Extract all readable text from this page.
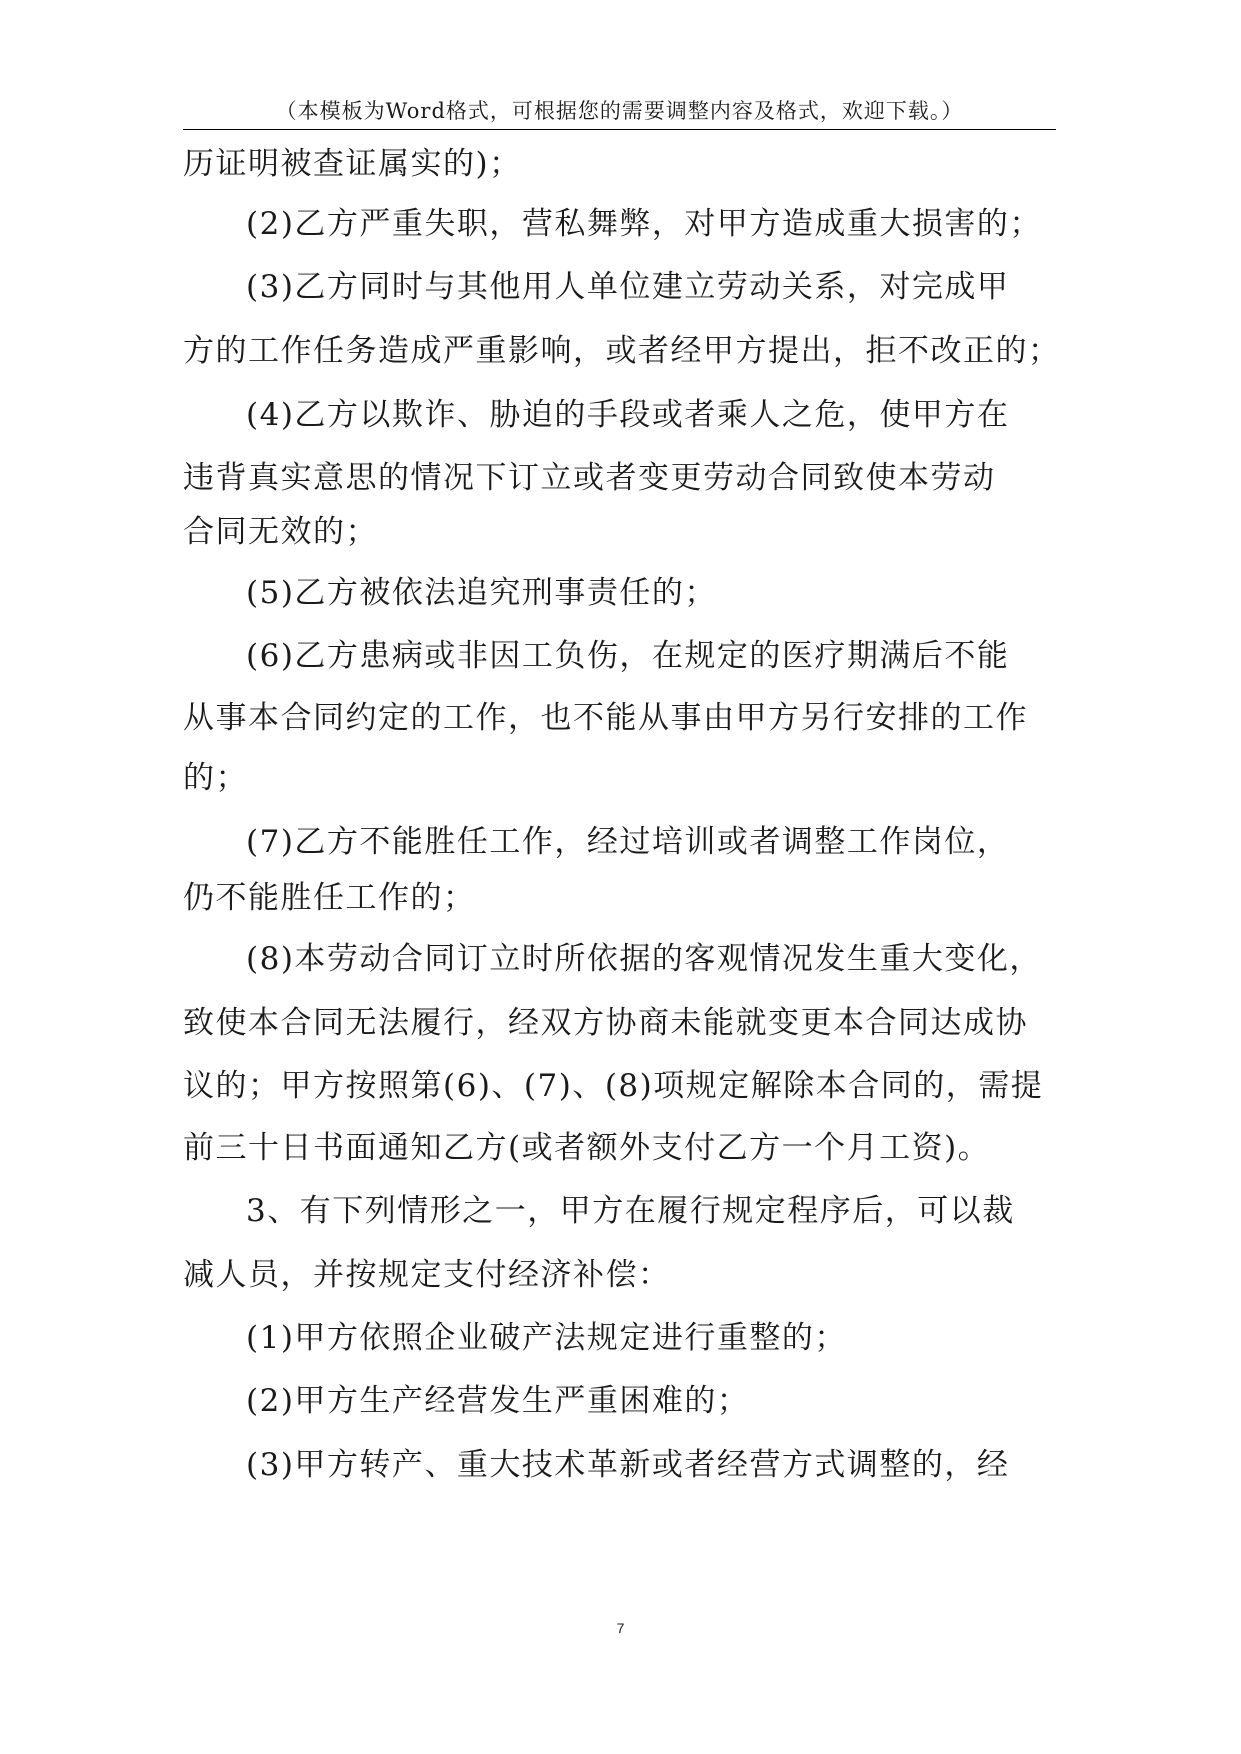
（本模板为Word格式，可根据您的需要调整内容及格式，欢迎下载。）
历证明被查证属实的)；
(2)乙方严重失职，营私舞弊，对甲方造成重大损害的；
(3)乙方同时与其他用人单位建立劳动关系，对完成甲
方的工作任务造成严重影响，或者经甲方提出，拒不改正的；
(4)乙方以欺诈、胁迫的手段或者乘人之危，使甲方在
违背真实意思的情况下订立或者变更劳动合同致使本劳动
合同无效的；
(5)乙方被依法追究刑事责任的；
(6)乙方患病或非因工负伤，在规定的医疗期满后不能
从事本合同约定的工作，也不能从事由甲方另行安排的工作
的；
(7)乙方不能胜任工作，经过培训或者调整工作岗位，
仍不能胜任工作的；
(8)本劳动合同订立时所依据的客观情况发生重大变化，
致使本合同无法履行，经双方协商未能就变更本合同达成协
议的；甲方按照第(6)、(7)、(8)项规定解除本合同的，需提
前三十日书面通知乙方(或者额外支付乙方一个月工资)。
3、有下列情形之一，甲方在履行规定程序后，可以裁
减人员，并按规定支付经济补偿：
(1)甲方依照企业破产法规定进行重整的；
(2)甲方生产经营发生严重困难的；
(3)甲方转产、重大技术革新或者经营方式调整的，经
7
